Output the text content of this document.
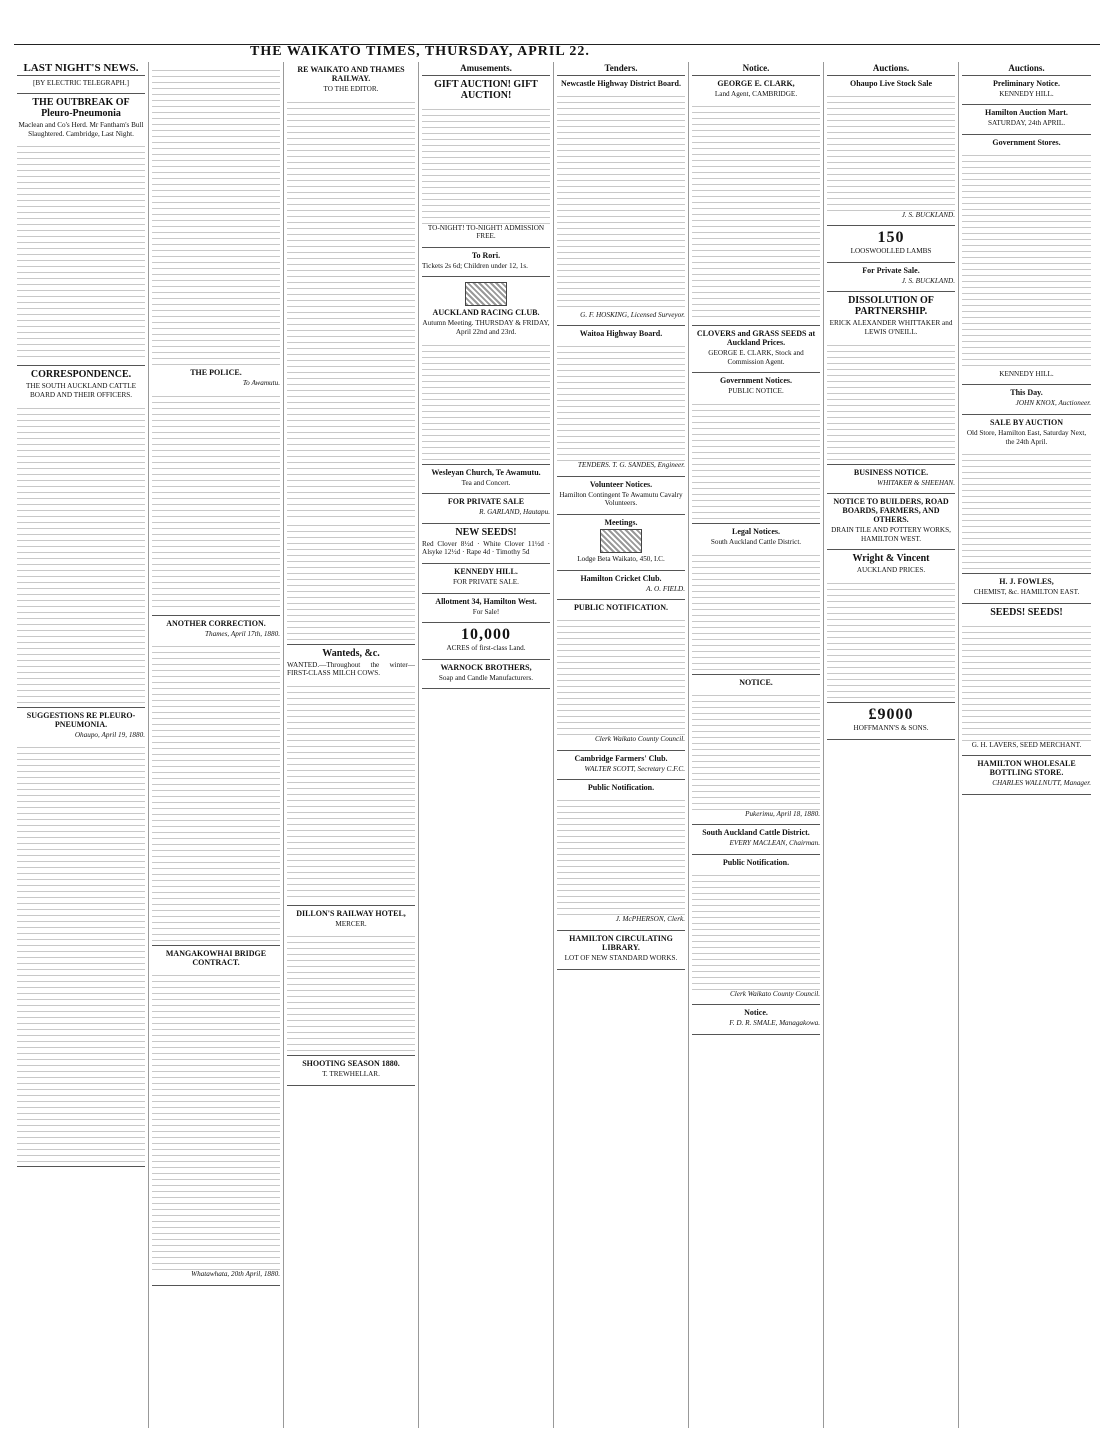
THE WAIKATO TIMES, THURSDAY, APRIL 22.
LAST NIGHT'S NEWS.

[BY ELECTRIC TELEGRAPH.]

THE OUTBREAK OF Pleuro-Pneumonia

Maclean and Co's Herd. Mr Fantham's Bull Slaughtered. Cambridge, Last Night.

CORRESPONDENCE.

THE SOUTH AUCKLAND CATTLE BOARD AND THEIR OFFICERS.

SUGGESTIONS RE PLEURO-PNEUMONIA.

Ohaupo, April 19, 1880.

THE POLICE.

To Awamutu.

ANOTHER CORRECTION.

Thames, April 17th, 1880.

MANGAKOWHAI BRIDGE CONTRACT.

Whatawhata, 20th April, 1880.

RE WAIKATO AND THAMES RAILWAY.

TO THE EDITOR.

Wanteds, &c.

WANTED.—Throughout the winter—FIRST-CLASS MILCH COWS.

DILLON'S RAILWAY HOTEL,

MERCER.

SHOOTING SEASON 1880.

T. TREWHELLAR.

Amusements.
GIFT AUCTION! GIFT AUCTION!

TO-NIGHT! TO-NIGHT! ADMISSION FREE.

To Rori.

Tickets 2s 6d; Children under 12, 1s.

AUCKLAND RACING CLUB.

Autumn Meeting. THURSDAY & FRIDAY, April 22nd and 23rd.

Wesleyan Church, Te Awamutu.

Tea and Concert.

FOR PRIVATE SALE

R. GARLAND, Hautapu.

NEW SEEDS!

Red Clover 8½d · White Clover 11½d · Alsyke 12½d · Rape 4d · Timothy 5d

KENNEDY HILL.

FOR PRIVATE SALE.

Allotment 34, Hamilton West.

For Sale!

10,000

ACRES of first-class Land.

WARNOCK BROTHERS,

Soap and Candle Manufacturers.

Tenders.
Newcastle Highway District Board.

G. F. HOSKING, Licensed Surveyor.

Waitoa Highway Board.

TENDERS. T. G. SANDES, Engineer.

Volunteer Notices.

Hamilton Contingent Te Awamutu Cavalry Volunteers.

Meetings.

Lodge Beta Waikato, 450, I.C.

Hamilton Cricket Club.

A. O. FIELD.

PUBLIC NOTIFICATION.

Clerk Waikato County Council.

Cambridge Farmers' Club.

WALTER SCOTT, Secretary C.F.C.

Public Notification.

J. McPHERSON, Clerk.

HAMILTON CIRCULATING LIBRARY.

LOT OF NEW STANDARD WORKS.

Notice.
GEORGE E. CLARK,

Land Agent, CAMBRIDGE.

CLOVERS and GRASS SEEDS at Auckland Prices.

GEORGE E. CLARK, Stock and Commission Agent.

Government Notices.

PUBLIC NOTICE.

Legal Notices.

South Auckland Cattle District.

NOTICE.

Pukerimu, April 18, 1880.

South Auckland Cattle District.

EVERY MACLEAN, Chairman.

Public Notification.

Clerk Waikato County Council.

Notice.

F. D. R. SMALE, Managakowa.

Auctions.
Ohaupo Live Stock Sale

J. S. BUCKLAND.

150

LOOSWOOLLED LAMBS

For Private Sale.

J. S. BUCKLAND.

DISSOLUTION OF PARTNERSHIP.

ERICK ALEXANDER WHITTAKER and LEWIS O'NEILL.

BUSINESS NOTICE.

WHITAKER & SHEEHAN.

NOTICE TO BUILDERS, ROAD BOARDS, FARMERS, AND OTHERS.

DRAIN TILE AND POTTERY WORKS, HAMILTON WEST.

Wright & Vincent

AUCKLAND PRICES.

£9000

HOFFMANN'S & SONS.

Auctions.
Preliminary Notice.

KENNEDY HILL.

Hamilton Auction Mart.

SATURDAY, 24th APRIL.

Government Stores.

KENNEDY HILL.

This Day.

JOHN KNOX, Auctioneer.

SALE BY AUCTION

Old Store, Hamilton East, Saturday Next, the 24th April.

H. J. FOWLES,

CHEMIST, &c. HAMILTON EAST.

SEEDS! SEEDS!

G. H. LAVERS, SEED MERCHANT.

HAMILTON WHOLESALE BOTTLING STORE.

CHARLES WALLNUTT, Manager.
